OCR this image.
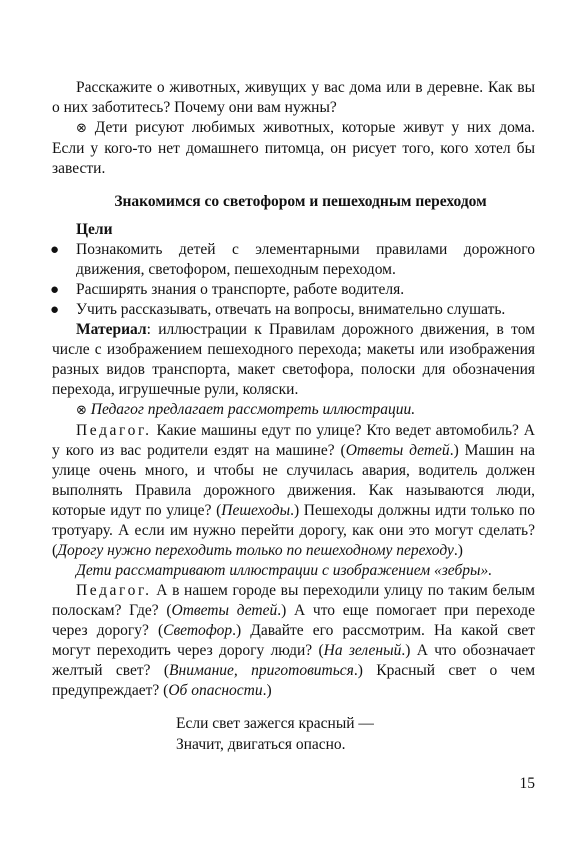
Расскажите о животных, живущих у вас дома или в деревне. Как вы о них заботитесь? Почему они вам нужны?

⊗ Дети рисуют любимых животных, которые живут у них дома. Если у кого-то нет домашнего питомца, он рисует того, кого хотел бы завести.

Знакомимся со светофором и пешеходным переходом

Цели
● Познакомить детей с элементарными правилами дорожного движения, светофором, пешеходным переходом.
● Расширять знания о транспорте, работе водителя.
● Учить рассказывать, отвечать на вопросы, внимательно слушать.

Материал: иллюстрации к Правилам дорожного движения, в том числе с изображением пешеходного перехода; макеты или изображения разных видов транспорта, макет светофора, полоски для обозначения перехода, игрушечные рули, коляски.

⊗ Педагог предлагает рассмотреть иллюстрации.

Педагог. Какие машины едут по улице? Кто ведет автомобиль? А у кого из вас родители ездят на машине? (Ответы детей.) Машин на улице очень много, и чтобы не случилась авария, водитель должен выполнять Правила дорожного движения. Как называются люди, которые идут по улице? (Пешеходы.) Пешеходы должны идти только по тротуару. А если им нужно перейти дорогу, как они это могут сделать? (Дорогу нужно переходить только по пешеходному переходу.)

Дети рассматривают иллюстрации с изображением «зебры».

Педагог. А в нашем городе вы переходили улицу по таким белым полоскам? Где? (Ответы детей.) А что еще помогает при переходе через дорогу? (Светофор.) Давайте его рассмотрим. На какой свет могут переходить через дорогу люди? (На зеленый.) А что обозначает желтый свет? (Внимание, приготовиться.) Красный свет о чем предупреждает? (Об опасности.)

Если свет зажегся красный —
Значит, двигаться опасно.
15
